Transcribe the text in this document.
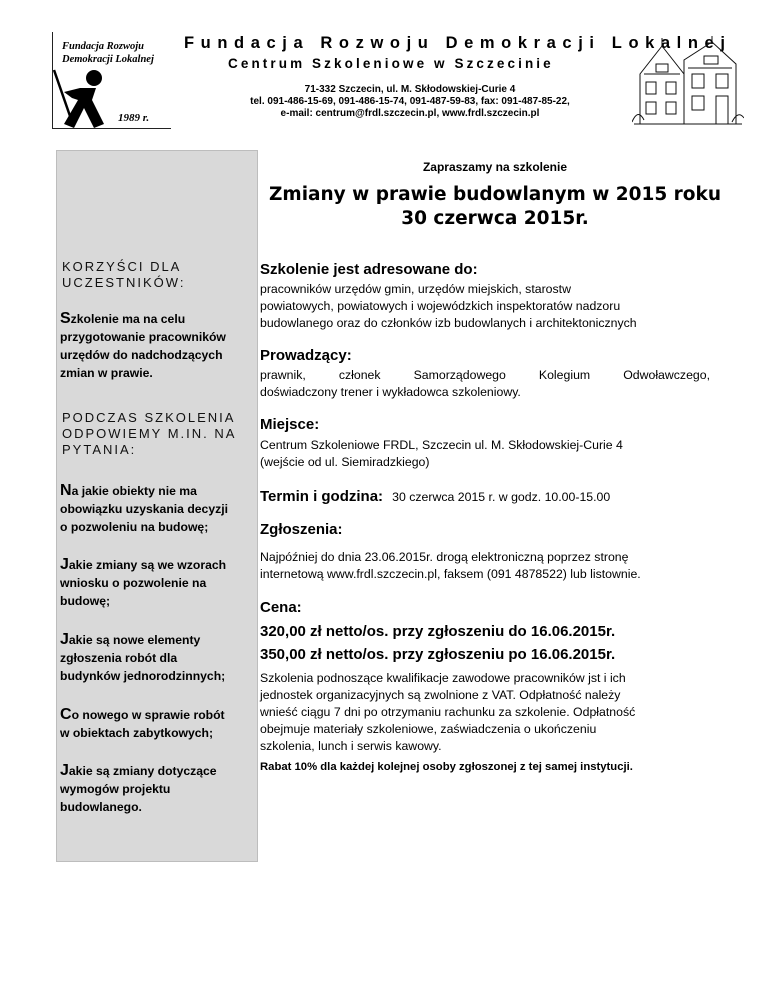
Fundacja Rozwoju
Demokracji Lokalnej
1989 r.
Fundacja Rozwoju Demokracji Lokalnej
Centrum Szkoleniowe w Szczecinie
71-332 Szczecin, ul. M. Skłodowskiej-Curie 4
tel. 091-486-15-69, 091-486-15-74, 091-487-59-83, fax: 091-487-85-22,
e-mail: centrum@frdl.szczecin.pl, www.frdl.szczecin.pl
KORZYŚCI DLA
UCZESTNIKÓW:
Szkolenie ma na celu
przygotowanie pracowników
urzędów do nadchodzących
zmian w prawie.
PODCZAS SZKOLENIA
ODPOWIEMY M.IN. NA
PYTANIA:
Na jakie obiekty nie ma
obowiązku uzyskania decyzji
o pozwoleniu na budowę;
Jakie zmiany są we wzorach
wniosku o pozwolenie na
budowę;
Jakie są nowe elementy
zgłoszenia robót dla
budynków jednorodzinnych;
Co nowego w sprawie robót
w obiektach zabytkowych;
Jakie są zmiany dotyczące
wymogów projektu
budowlanego.
Zapraszamy na szkolenie
Zmiany w prawie budowlanym w 2015 roku
30 czerwca 2015r.
Szkolenie jest adresowane do:
pracowników urzędów gmin, urzędów miejskich, starostw
powiatowych, powiatowych i wojewódzkich inspektoratów nadzoru
budowlanego oraz do członków izb budowlanych i architektonicznych
Prowadzący:
prawnik, członek Samorządowego Kolegium Odwoławczego,
doświadczony trener i wykładowca szkoleniowy.
Miejsce:
Centrum Szkoleniowe FRDL, Szczecin ul. M. Skłodowskiej-Curie 4
(wejście od ul. Siemiradzkiego)
Termin i godzina: 30 czerwca 2015 r. w godz. 10.00-15.00
Zgłoszenia:
Najpóźniej do dnia 23.06.2015r. drogą elektroniczną poprzez stronę
internetową www.frdl.szczecin.pl, faksem (091 4878522) lub listownie.
Cena:
320,00 zł netto/os. przy zgłoszeniu do 16.06.2015r.
350,00 zł netto/os. przy zgłoszeniu po 16.06.2015r.
Szkolenia podnoszące kwalifikacje zawodowe pracowników jst i ich
jednostek organizacyjnych są zwolnione z VAT. Odpłatność należy
wnieść ciągu 7 dni po otrzymaniu rachunku za szkolenie. Odpłatność
obejmuje materiały szkoleniowe, zaświadczenia o ukończeniu
szkolenia, lunch i serwis kawowy.
Rabat 10% dla każdej kolejnej osoby zgłoszonej z tej samej instytucji.
